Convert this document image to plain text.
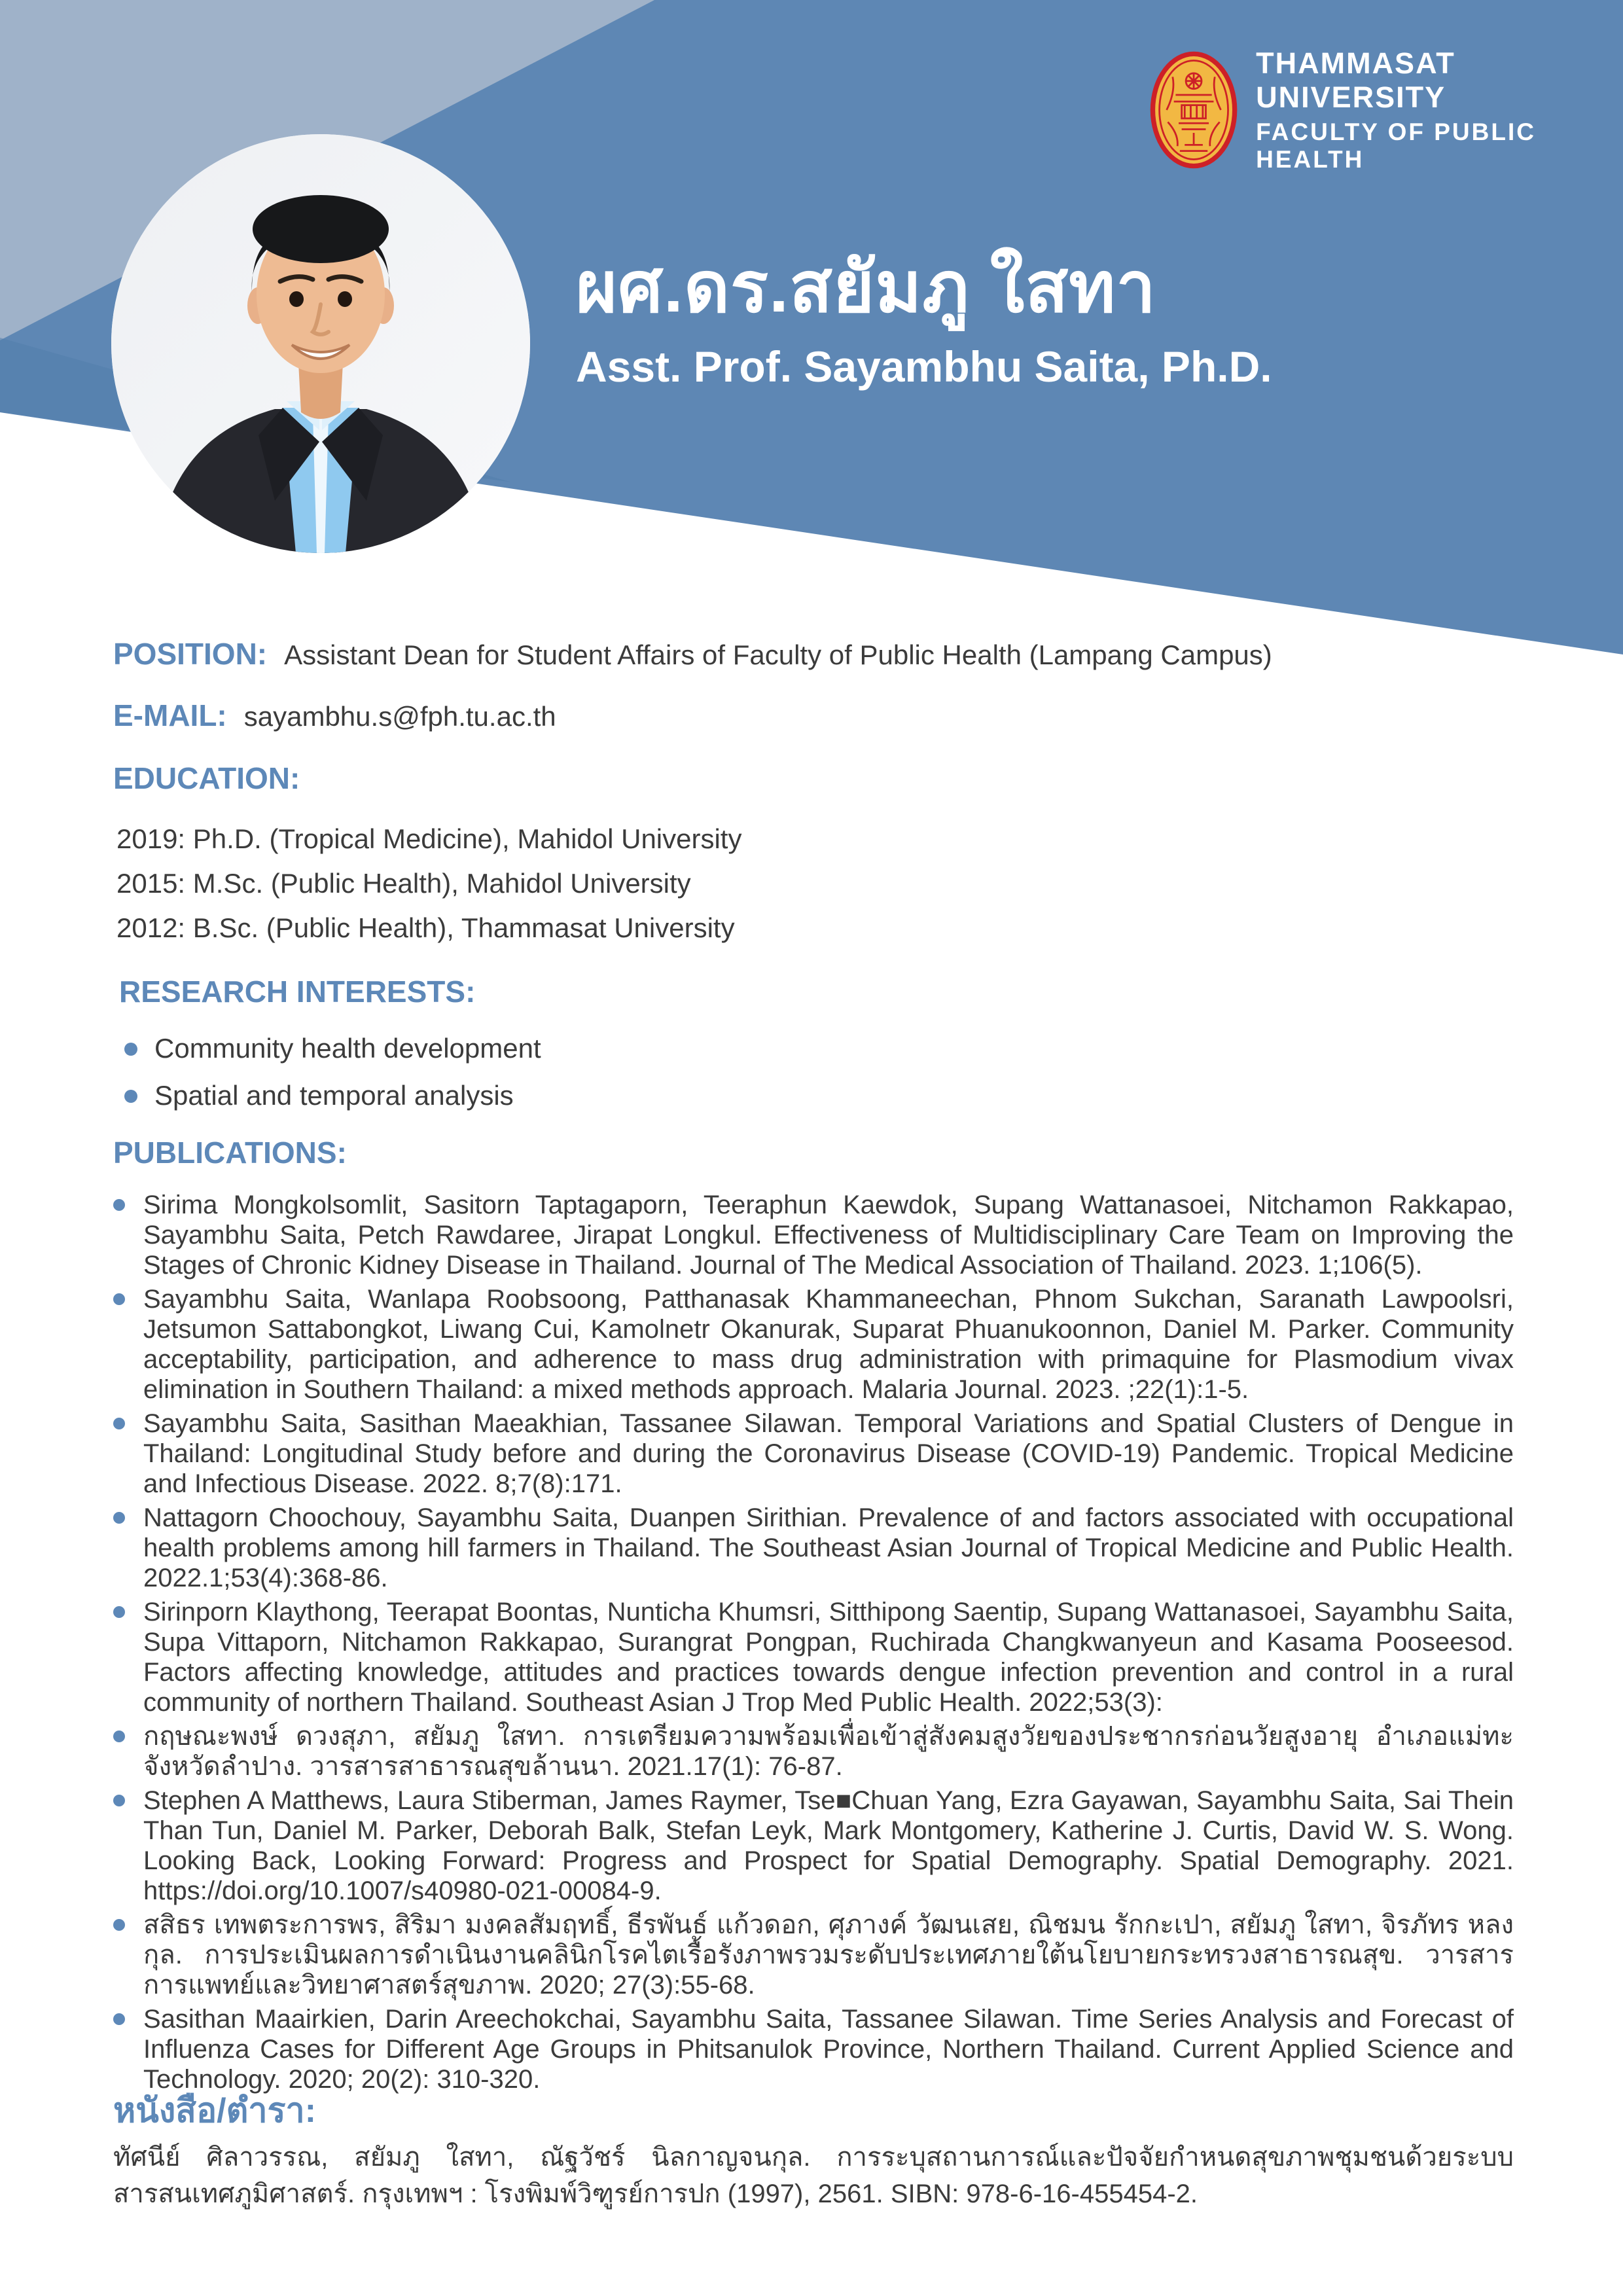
ผศ.ดร.สยัมภู ใสทา
Asst. Prof. Sayambhu Saita, Ph.D.
THAMMASAT UNIVERSITY
FACULTY OF PUBLIC HEALTH
POSITION: Assistant Dean for Student Affairs of Faculty of Public Health (Lampang Campus)
E-MAIL: sayambhu.s@fph.tu.ac.th
EDUCATION:
2019: Ph.D. (Tropical Medicine), Mahidol University
2015: M.Sc. (Public Health), Mahidol University
2012: B.Sc. (Public Health), Thammasat University
RESEARCH INTERESTS:
Community health development
Spatial and temporal analysis
PUBLICATIONS:
Sirima Mongkolsomlit, Sasitorn Taptagaporn, Teeraphun Kaewdok, Supang Wattanasoei, Nitchamon Rakkapao, Sayambhu Saita, Petch Rawdaree, Jirapat Longkul. Effectiveness of Multidisciplinary Care Team on Improving the Stages of Chronic Kidney Disease in Thailand. Journal of The Medical Association of Thailand. 2023. 1;106(5).
Sayambhu Saita, Wanlapa Roobsoong, Patthanasak Khammaneechan, Phnom Sukchan, Saranath Lawpoolsri, Jetsumon Sattabongkot, Liwang Cui, Kamolnetr Okanurak, Suparat Phuanukoonnon, Daniel M. Parker. Community acceptability, participation, and adherence to mass drug administration with primaquine for Plasmodium vivax elimination in Southern Thailand: a mixed methods approach. Malaria Journal. 2023. ;22(1):1-5.
Sayambhu Saita, Sasithan Maeakhian, Tassanee Silawan. Temporal Variations and Spatial Clusters of Dengue in Thailand: Longitudinal Study before and during the Coronavirus Disease (COVID-19) Pandemic. Tropical Medicine and Infectious Disease. 2022. 8;7(8):171.
Nattagorn Choochouy, Sayambhu Saita, Duanpen Sirithian. Prevalence of and factors associated with occupational health problems among hill farmers in Thailand. The Southeast Asian Journal of Tropical Medicine and Public Health. 2022.1;53(4):368-86.
Sirinporn Klaythong, Teerapat Boontas, Nunticha Khumsri, Sitthipong Saentip, Supang Wattanasoei, Sayambhu Saita, Supa Vittaporn, Nitchamon Rakkapao, Surangrat Pongpan, Ruchirada Changkwanyeun and Kasama Pooseesod. Factors affecting knowledge, attitudes and practices towards dengue infection prevention and control in a rural community of northern Thailand. Southeast Asian J Trop Med Public Health. 2022;53(3):
กฤษณะพงษ์ ดวงสุภา, สยัมภู ใสทา. การเตรียมความพร้อมเพื่อเข้าสู่สังคมสูงวัยของประชากรก่อนวัยสูงอายุ อำเภอแม่ทะ จังหวัดลำปาง. วารสารสาธารณสุขล้านนา. 2021.17(1): 76-87.
Stephen A Matthews, Laura Stiberman, James Raymer, Tse■Chuan Yang, Ezra Gayawan, Sayambhu Saita, Sai Thein Than Tun, Daniel M. Parker, Deborah Balk, Stefan Leyk, Mark Montgomery, Katherine J. Curtis, David W. S. Wong. Looking Back, Looking Forward: Progress and Prospect for Spatial Demography. Spatial Demography. 2021. https://doi.org/10.1007/s40980-021-00084-9.
สสิธร เทพตระการพร, สิริมา มงคลสัมฤทธิ์, ธีรพันธ์ แก้วดอก, ศุภางค์ วัฒนเสย, ณิชมน รักกะเปา, สยัมภู ใสทา, จิรภัทร หลงกุล. การประเมินผลการดำเนินงานคลินิกโรคไตเรื้อรังภาพรวมระดับประเทศภายใต้นโยบายกระทรวงสาธารณสุข. วารสารการแพทย์และวิทยาศาสตร์สุขภาพ. 2020; 27(3):55-68.
Sasithan Maairkien, Darin Areechokchai, Sayambhu Saita, Tassanee Silawan. Time Series Analysis and Forecast of Influenza Cases for Different Age Groups in Phitsanulok Province, Northern Thailand. Current Applied Science and Technology. 2020; 20(2): 310-320.
หนังสือ/ตำรา:
ทัศนีย์ ศิลาวรรณ, สยัมภู ใสทา, ณัฐวัชร์ นิลกาญจนกุล. การระบุสถานการณ์และปัจจัยกำหนดสุขภาพชุมชนด้วยระบบสารสนเทศภูมิศาสตร์. กรุงเทพฯ : โรงพิมพ์วิฑูรย์การปก (1997), 2561. SIBN: 978-6-16-455454-2.
